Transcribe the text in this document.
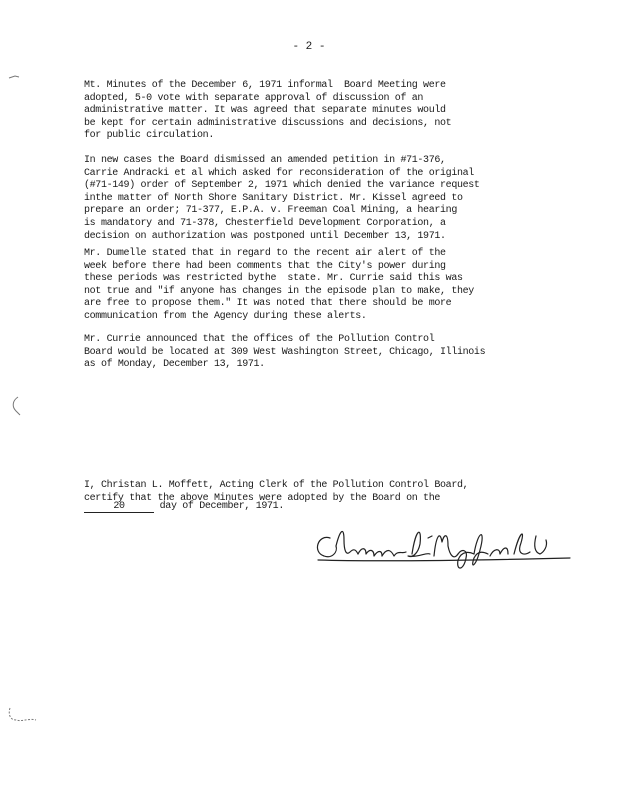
- 2 -

Mt. Minutes of the December 6, 1971 informal  Board Meeting were
adopted, 5-0 vote with separate approval of discussion of an
administrative matter. It was agreed that separate minutes would
be kept for certain administrative discussions and decisions, not
for public circulation.

In new cases the Board dismissed an amended petition in #71-376,
Carrie Andracki et al which asked for reconsideration of the original
(#71-149) order of September 2, 1971 which denied the variance request
inthe matter of North Shore Sanitary District. Mr. Kissel agreed to
prepare an order; 71-377, E.P.A. v. Freeman Coal Mining, a hearing
is mandatory and 71-378, Chesterfield Development Corporation, a
decision on authorization was postponed until December 13, 1971.

Mr. Dumelle stated that in regard to the recent air alert of the
week before there had been comments that the City's power during
these periods was restricted bythe  state. Mr. Currie said this was
not true and "if anyone has changes in the episode plan to make, they
are free to propose them." It was noted that there should be more
communication from the Agency during these alerts.

Mr. Currie announced that the offices of the Pollution Control
Board would be located at 309 West Washington Street, Chicago, Illinois
as of Monday, December 13, 1971.

I, Christan L. Moffett, Acting Clerk of the Pollution Control Board,
certify that the above Minutes were adopted by the Board on the

20	day of December, 1971.
